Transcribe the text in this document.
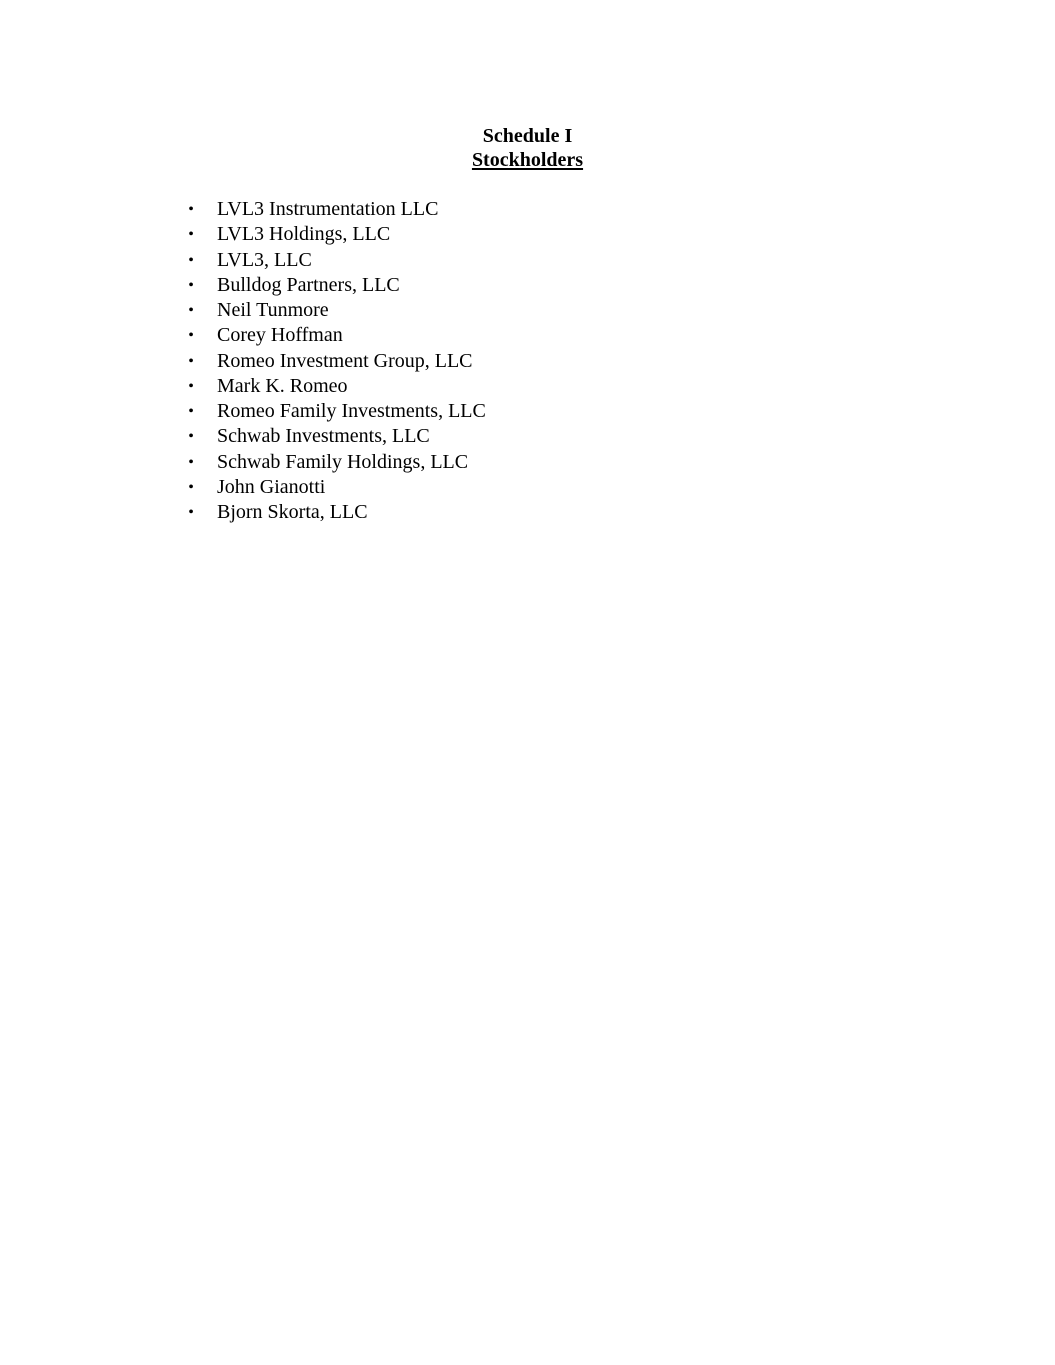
Schedule I
Stockholders
• LVL3 Instrumentation LLC
• LVL3 Holdings, LLC
• LVL3, LLC
• Bulldog Partners, LLC
• Neil Tunmore
• Corey Hoffman
• Romeo Investment Group, LLC
• Mark K. Romeo
• Romeo Family Investments, LLC
• Schwab Investments, LLC
• Schwab Family Holdings, LLC
• John Gianotti
• Bjorn Skorta, LLC
